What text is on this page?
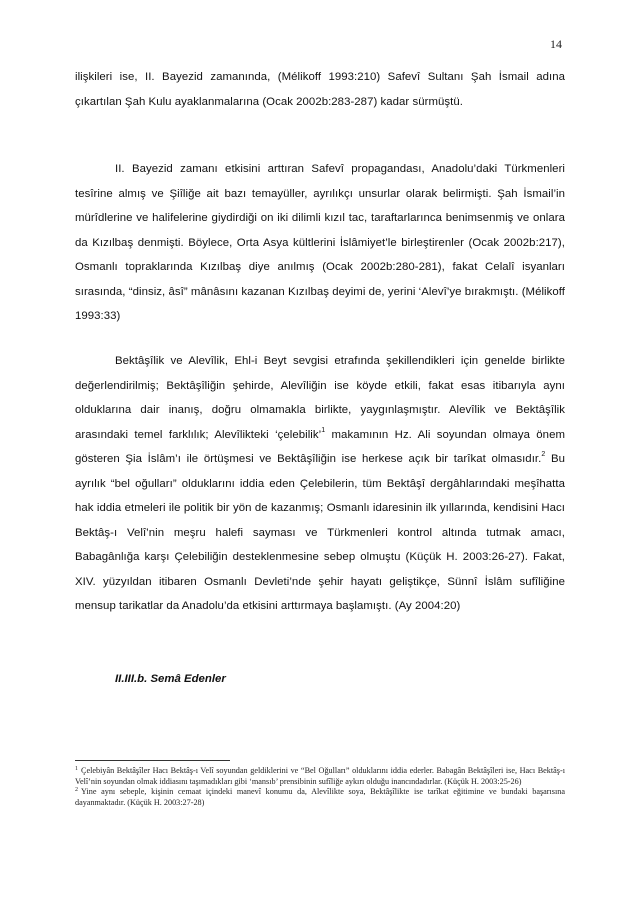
14

ilişkileri ise, II. Bayezid zamanında, (Mélikoff 1993:210) Safevî Sultanı Şah İsmail adına çıkartılan Şah Kulu ayaklanmalarına (Ocak 2002b:283-287) kadar sürmüştü.

II. Bayezid zamanı etkisini arttıran Safevî propagandası, Anadolu’daki Türkmenleri tesîrine almış ve Şiîliğe ait bazı temayüller, ayrılıkçı unsurlar olarak belirmişti. Şah İsmail’in mürîdlerine ve halifelerine giydirdiği on iki dilimli kızıl tac, taraftarlarınca benimsenmiş ve onlara da Kızılbaş denmişti. Böylece, Orta Asya kültlerini İslâmiyet’le birleştirenler (Ocak 2002b:217), Osmanlı topraklarında Kızılbaş diye anılmış (Ocak 2002b:280-281), fakat Celalî isyanları sırasında, “dinsiz, âsî” mânâsını kazanan Kızılbaş deyimi de, yerini ‘Alevî’ye bırakmıştı. (Mélikoff 1993:33)

Bektâşîlik ve Alevîlik, Ehl-i Beyt sevgisi etrafında şekillendikleri için genelde birlikte değerlendirilmiş; Bektâşîliğin şehirde, Alevîliğin ise köyde etkili, fakat esas itibarıyla aynı olduklarına dair inanış, doğru olmamakla birlikte, yaygınlaşmıştır. Alevîlik ve Bektâşîlik arasındaki temel farklılık; Alevîlikteki ‘çelebilik’$^1$ makamının Hz. Ali soyundan olmaya önem gösteren Şia İslâm’ı ile örtüşmesi ve Bektâşîliğin ise herkese açık bir tarîkat olmasıdır.$^2$ Bu ayrılık “bel oğulları” olduklarını iddia eden Çelebilerin, tüm Bektâşî dergâhlarındaki meşîhatta hak iddia etmeleri ile politik bir yön de kazanmış; Osmanlı idaresinin ilk yıllarında, kendisini Hacı Bektâş-ı Velî’nin meşru halefi sayması ve Türkmenleri kontrol altında tutmak amacı, Babagânlığa karşı Çelebiliğin desteklenmesine sebep olmuştu (Küçük H. 2003:26-27). Fakat, XIV. yüzyıldan itibaren Osmanlı Devleti’nde şehir hayatı geliştikçe, Sünnî İslâm sufîliğine mensup tarikatlar da Anadolu’da etkisini arttırmaya başlamıştı. (Ay 2004:20)

II.III.b. Semâ Edenler

$^1$ Çelebiyân Bektâşîler Hacı Bektâş-ı Velî soyundan geldiklerini ve “Bel Oğulları” olduklarını iddia ederler. Babagân Bektâşîleri ise, Hacı Bektâş-ı Velî’nin soyundan olmak iddiasını taşımadıkları gibi ‘mansıb’ prensibinin sufîliğe aykırı olduğu inancındadırlar. (Küçük H. 2003:25-26)

$^2$ Yine aynı sebeple, kişinin cemaat içindeki manevî konumu da, Alevîlikte soya, Bektâşîlikte ise tarîkat eğitimine ve bundaki başarısına dayanmaktadır. (Küçük H. 2003:27-28)
